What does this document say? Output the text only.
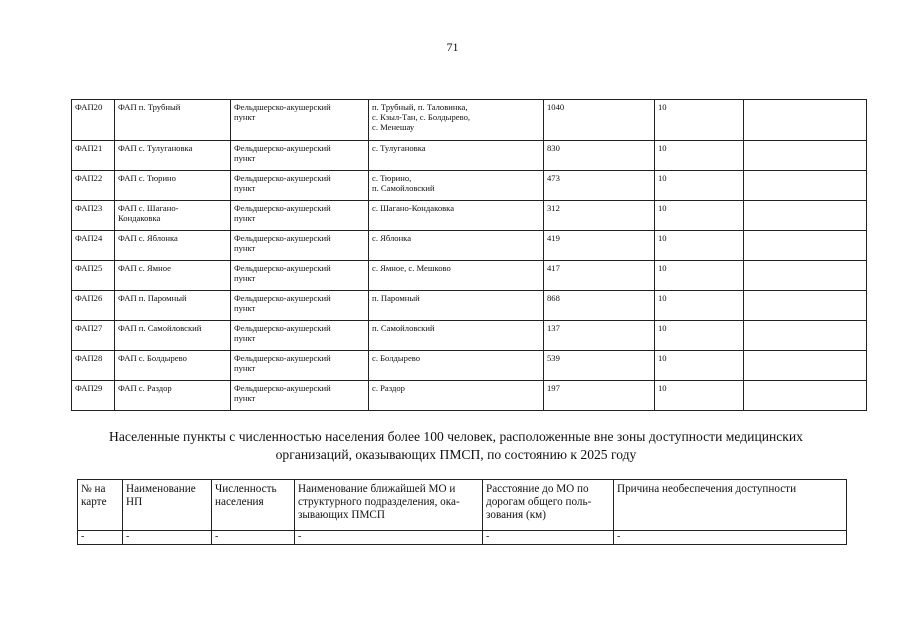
71
ФАП20	ФАП п. Трубный	Фельдшерско-акушерский
пункт	п. Трубный, п. Таловинка,
с. Кзыл-Тан, с. Болдырево,
с. Менешау	1040	10	
ФАП21	ФАП с. Тулугановка	Фельдшерско-акушерский
пункт	с. Тулугановка	830	10	
ФАП22	ФАП с. Тюрино	Фельдшерско-акушерский
пункт	с. Тюрино,
п. Самойловский	473	10	
ФАП23	ФАП с. Шагано-
Кондаковка	Фельдшерско-акушерский
пункт	с. Шагано-Кондаковка	312	10	
ФАП24	ФАП с. Яблонка	Фельдшерско-акушерский
пункт	с. Яблонка	419	10	
ФАП25	ФАП с. Ямное	Фельдшерско-акушерский
пункт	с. Ямное, с. Мешково	417	10	
ФАП26	ФАП п. Паромный	Фельдшерско-акушерский
пункт	п. Паромный	868	10	
ФАП27	ФАП п. Самойловский	Фельдшерско-акушерский
пункт	п. Самойловский	137	10	
ФАП28	ФАП с. Болдырево	Фельдшерско-акушерский
пункт	с. Болдырево	539	10	
ФАП29	ФАП с. Раздор	Фельдшерско-акушерский
пункт	с. Раздор	197	10	
Населенные пункты с численностью населения более 100 человек, расположенные вне зоны доступности медицинских организаций, оказывающих ПМСП, по состоянию к 2025 году
№ на
карте	Наименование
НП	Численность
населения	Наименование ближайшей МО и
структурного подразделения, ока-
зывающих ПМСП	Расстояние до МО по
дорогам общего поль-
зования (км)	Причина необеспечения доступности
-	-	-	-	-	-
